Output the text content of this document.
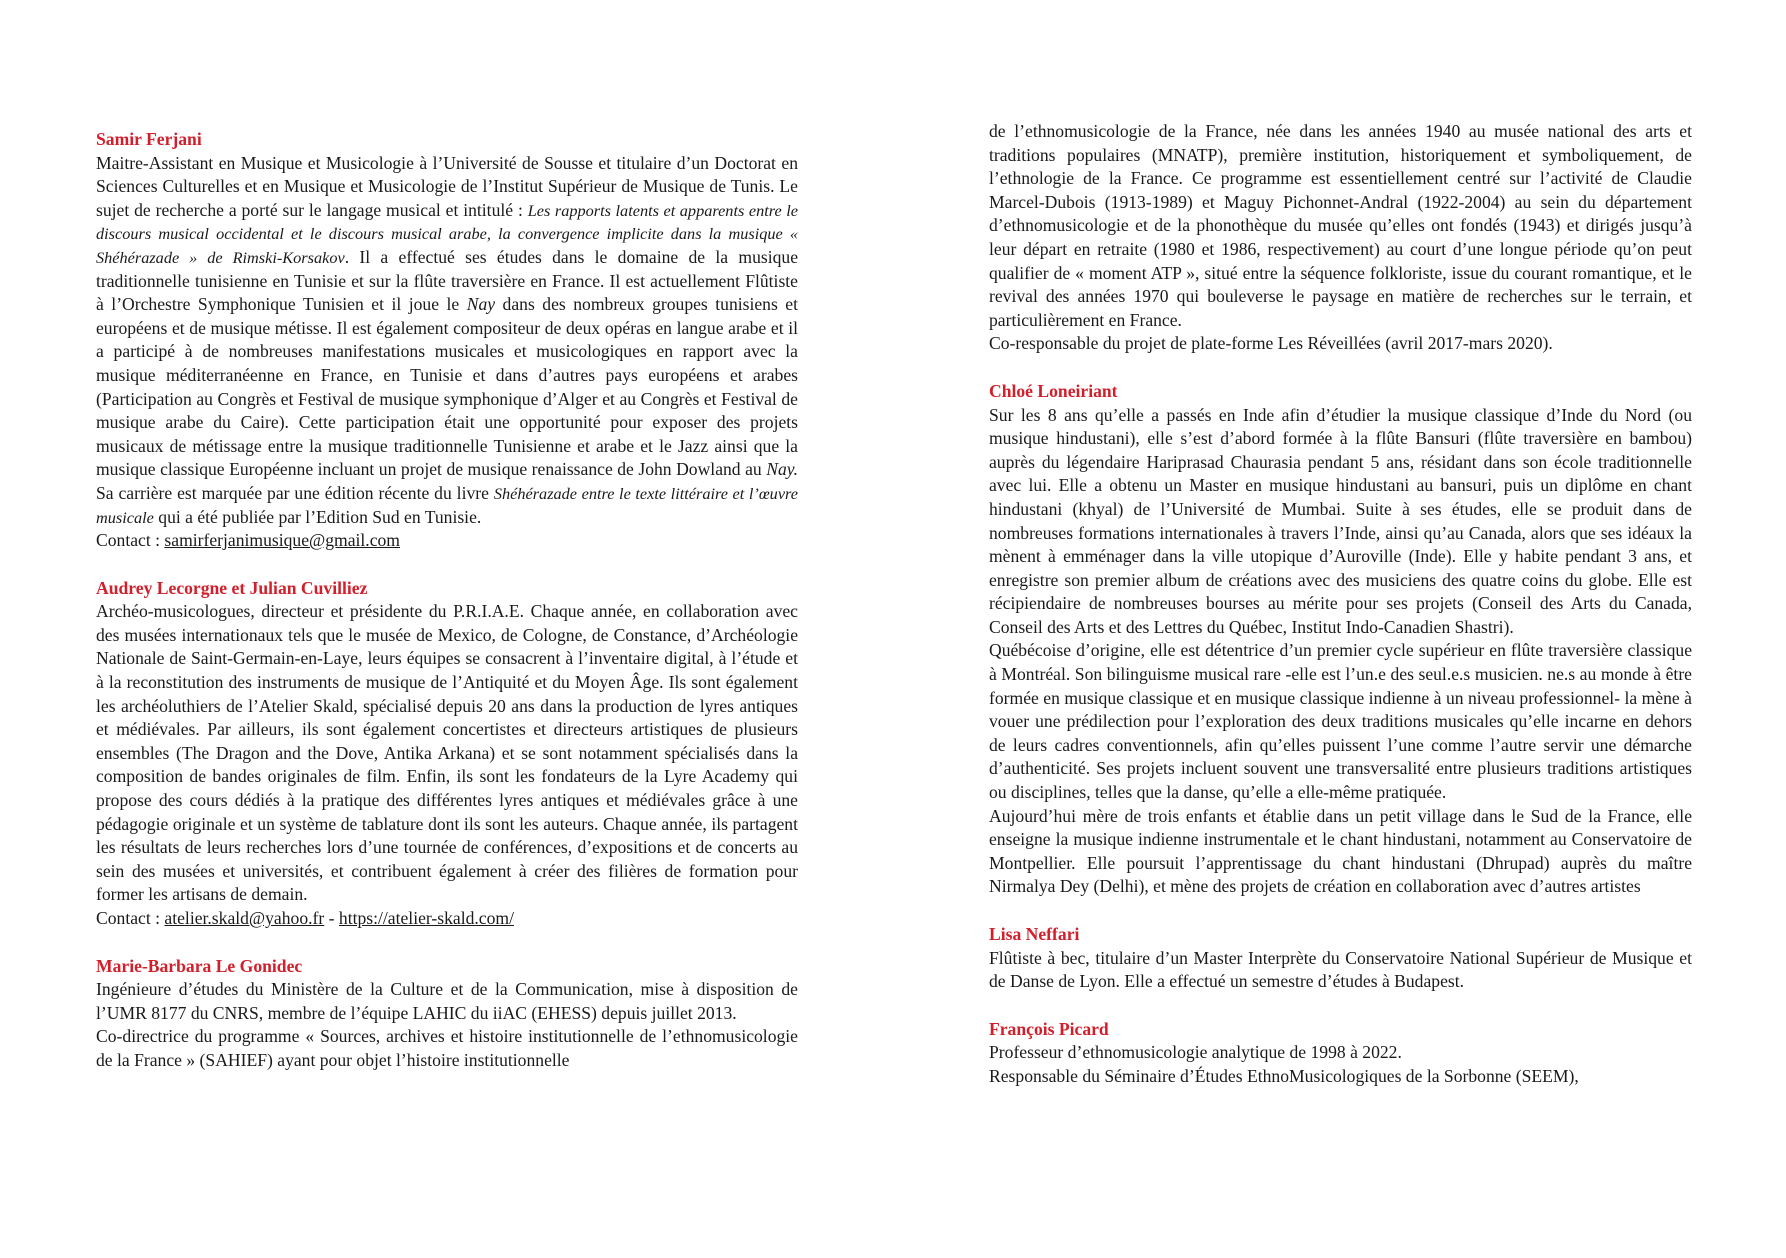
Samir Ferjani

Maitre-Assistant en Musique et Musicologie à l’Université de Sousse et titulaire d’un Doctorat en Sciences Culturelles et en Musique et Musicologie de l’Institut Supérieur de Musique de Tunis. Le sujet de recherche a porté sur le langage musical et intitulé : Les rapports latents et apparents entre le discours musical occidental et le discours musical arabe, la convergence implicite dans la musique « Shéhérazade » de Rimski-Korsakov. Il a effectué ses études dans le domaine de la musique traditionnelle tunisienne en Tunisie et sur la flûte traversière en France. Il est actuellement Flûtiste à l’Orchestre Symphonique Tunisien et il joue le Nay dans des nombreux groupes tunisiens et européens et de musique métisse. Il est également compositeur de deux opéras en langue arabe et il a participé à de nombreuses manifestations musicales et musicologiques en rapport avec la musique méditerranéenne en France, en Tunisie et dans d’autres pays européens et arabes (Participation au Congrès et Festival de musique symphonique d’Alger et au Congrès et Festival de musique arabe du Caire). Cette participation était une opportunité pour exposer des projets musicaux de métissage entre la musique traditionnelle Tunisienne et arabe et le Jazz ainsi que la musique classique Européenne incluant un projet de musique renaissance de John Dowland au Nay. Sa carrière est marquée par une édition récente du livre Shéhérazade entre le texte littéraire et l’œuvre musicale qui a été publiée par l’Edition Sud en Tunisie.

Contact : samirferjanimusique@gmail.com

Audrey Lecorgne et Julian Cuvilliez

Archéo-musicologues, directeur et présidente du P.R.I.A.E. Chaque année, en collaboration avec des musées internationaux tels que le musée de Mexico, de Cologne, de Constance, d’Archéologie Nationale de Saint-Germain-en-Laye, leurs équipes se consacrent à l’inventaire digital, à l’étude et à la reconstitution des instruments de musique de l’Antiquité et du Moyen Âge. Ils sont également les archéoluthiers de l’Atelier Skald, spécialisé depuis 20 ans dans la production de lyres antiques et médiévales. Par ailleurs, ils sont également concertistes et directeurs artistiques de plusieurs ensembles (The Dragon and the Dove, Antika Arkana) et se sont notamment spécialisés dans la composition de bandes originales de film. Enfin, ils sont les fondateurs de la Lyre Academy qui propose des cours dédiés à la pratique des différentes lyres antiques et médiévales grâce à une pédagogie originale et un système de tablature dont ils sont les auteurs. Chaque année, ils partagent les résultats de leurs recherches lors d’une tournée de conférences, d’expositions et de concerts au sein des musées et universités, et contribuent également à créer des filières de formation pour former les artisans de demain.

Contact : atelier.skald@yahoo.fr - https://atelier-skald.com/

Marie-Barbara Le Gonidec

Ingénieure d’études du Ministère de la Culture et de la Communication, mise à disposition de l’UMR 8177 du CNRS, membre de l’équipe LAHIC du iiAC (EHESS) depuis juillet 2013.

Co-directrice du programme « Sources, archives et histoire institutionnelle de l’ethnomusicologie de la France » (SAHIEF) ayant pour objet l’histoire institutionnelle

de l’ethnomusicologie de la France, née dans les années 1940 au musée national des arts et traditions populaires (MNATP), première institution, historiquement et symboliquement, de l’ethnologie de la France. Ce programme est essentiellement centré sur l’activité de Claudie Marcel-Dubois (1913-1989) et Maguy Pichonnet-Andral (1922-2004) au sein du département d’ethnomusicologie et de la phonothèque du musée qu’elles ont fondés (1943) et dirigés jusqu’à leur départ en retraite (1980 et 1986, respectivement) au court d’une longue période qu’on peut qualifier de « moment ATP », situé entre la séquence folkloriste, issue du courant romantique, et le revival des années 1970 qui bouleverse le paysage en matière de recherches sur le terrain, et particulièrement en France.

Co-responsable du projet de plate-forme Les Réveillées (avril 2017-mars 2020).

Chloé Loneiriant

Sur les 8 ans qu’elle a passés en Inde afin d’étudier la musique classique d’Inde du Nord (ou musique hindustani), elle s’est d’abord formée à la flûte Bansuri (flûte traversière en bambou) auprès du légendaire Hariprasad Chaurasia pendant 5 ans, résidant dans son école traditionnelle avec lui. Elle a obtenu un Master en musique hindustani au bansuri, puis un diplôme en chant hindustani (khyal) de l’Université de Mumbai. Suite à ses études, elle se produit dans de nombreuses formations internationales à travers l’Inde, ainsi qu’au Canada, alors que ses idéaux la mènent à emménager dans la ville utopique d’Auroville (Inde). Elle y habite pendant 3 ans, et enregistre son premier album de créations avec des musiciens des quatre coins du globe. Elle est récipiendaire de nombreuses bourses au mérite pour ses projets (Conseil des Arts du Canada, Conseil des Arts et des Lettres du Québec, Institut Indo-Canadien Shastri).

Québécoise d’origine, elle est détentrice d’un premier cycle supérieur en flûte traversière classique à Montréal. Son bilinguisme musical rare -elle est l’un.e des seul.e.s musicien. ne.s au monde à être formée en musique classique et en musique classique indienne à un niveau professionnel- la mène à vouer une prédilection pour l’exploration des deux traditions musicales qu’elle incarne en dehors de leurs cadres conventionnels, afin qu’elles puissent l’une comme l’autre servir une démarche d’authenticité. Ses projets incluent souvent une transversalité entre plusieurs traditions artistiques ou disciplines, telles que la danse, qu’elle a elle-même pratiquée.

Aujourd’hui mère de trois enfants et établie dans un petit village dans le Sud de la France, elle enseigne la musique indienne instrumentale et le chant hindustani, notamment au Conservatoire de Montpellier. Elle poursuit l’apprentissage du chant hindustani (Dhrupad) auprès du maître Nirmalya Dey (Delhi), et mène des projets de création en collaboration avec d’autres artistes

Lisa Neffari

Flûtiste à bec, titulaire d’un Master Interprète du Conservatoire National Supérieur de Musique et de Danse de Lyon. Elle a effectué un semestre d’études à Budapest.

François Picard

Professeur d’ethnomusicologie analytique de 1998 à 2022.

Responsable du Séminaire d’Études EthnoMusicologiques de la Sorbonne (SEEM),
